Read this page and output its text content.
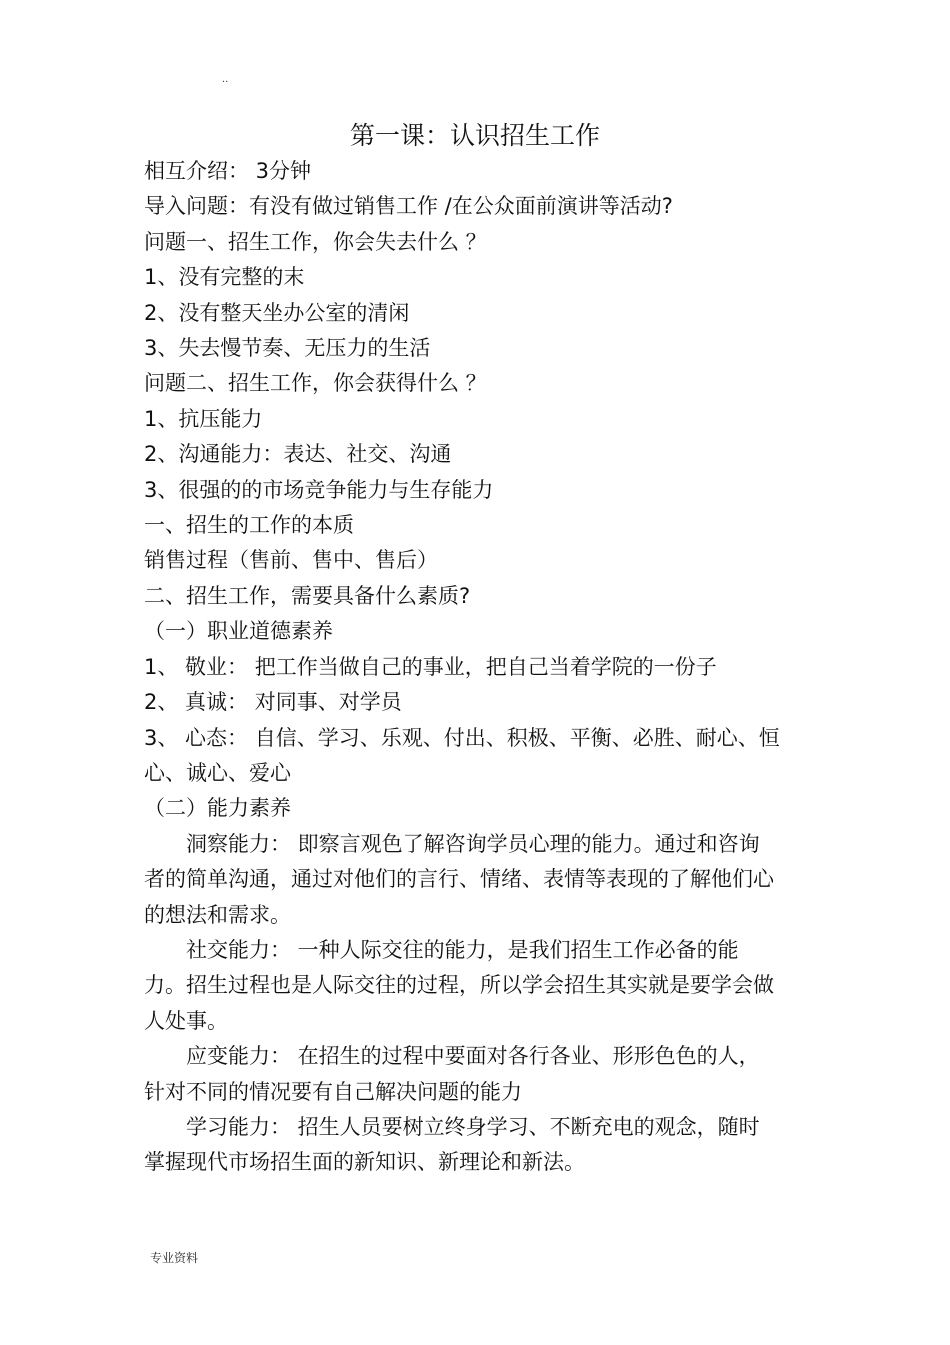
..
第一课：认识招生工作

相互介绍： 3分钟

导入问题：有没有做过销售工作 /在公众面前演讲等活动?

问题一、招生工作，你会失去什么 ？

1、没有完整的末

2、没有整天坐办公室的清闲

3、失去慢节奏、无压力的生活

问题二、招生工作，你会获得什么 ？

1、抗压能力

2、沟通能力：表达、社交、沟通

3、很强的的市场竞争能力与生存能力

一、招生的工作的本质

销售过程（售前、售中、售后）

二、招生工作，需要具备什么素质?

（一）职业道德素养

1、 敬业： 把工作当做自己的事业，把自己当着学院的一份子

2、 真诚： 对同事、对学员

3、 心态： 自信、学习、乐观、付出、积极、平衡、必胜、耐心、恒心、诚心、爱心

（二）能力素养

洞察能力： 即察言观色了解咨询学员心理的能力。通过和咨询者的简单沟通，通过对他们的言行、情绪、表情等表现的了解他们心的想法和需求。

社交能力： 一种人际交往的能力，是我们招生工作必备的能力。招生过程也是人际交往的过程，所以学会招生其实就是要学会做人处事。

应变能力： 在招生的过程中要面对各行各业、形形色色的人，针对不同的情况要有自己解决问题的能力

学习能力： 招生人员要树立终身学习、不断充电的观念，随时掌握现代市场招生面的新知识、新理论和新法。

专业资料
